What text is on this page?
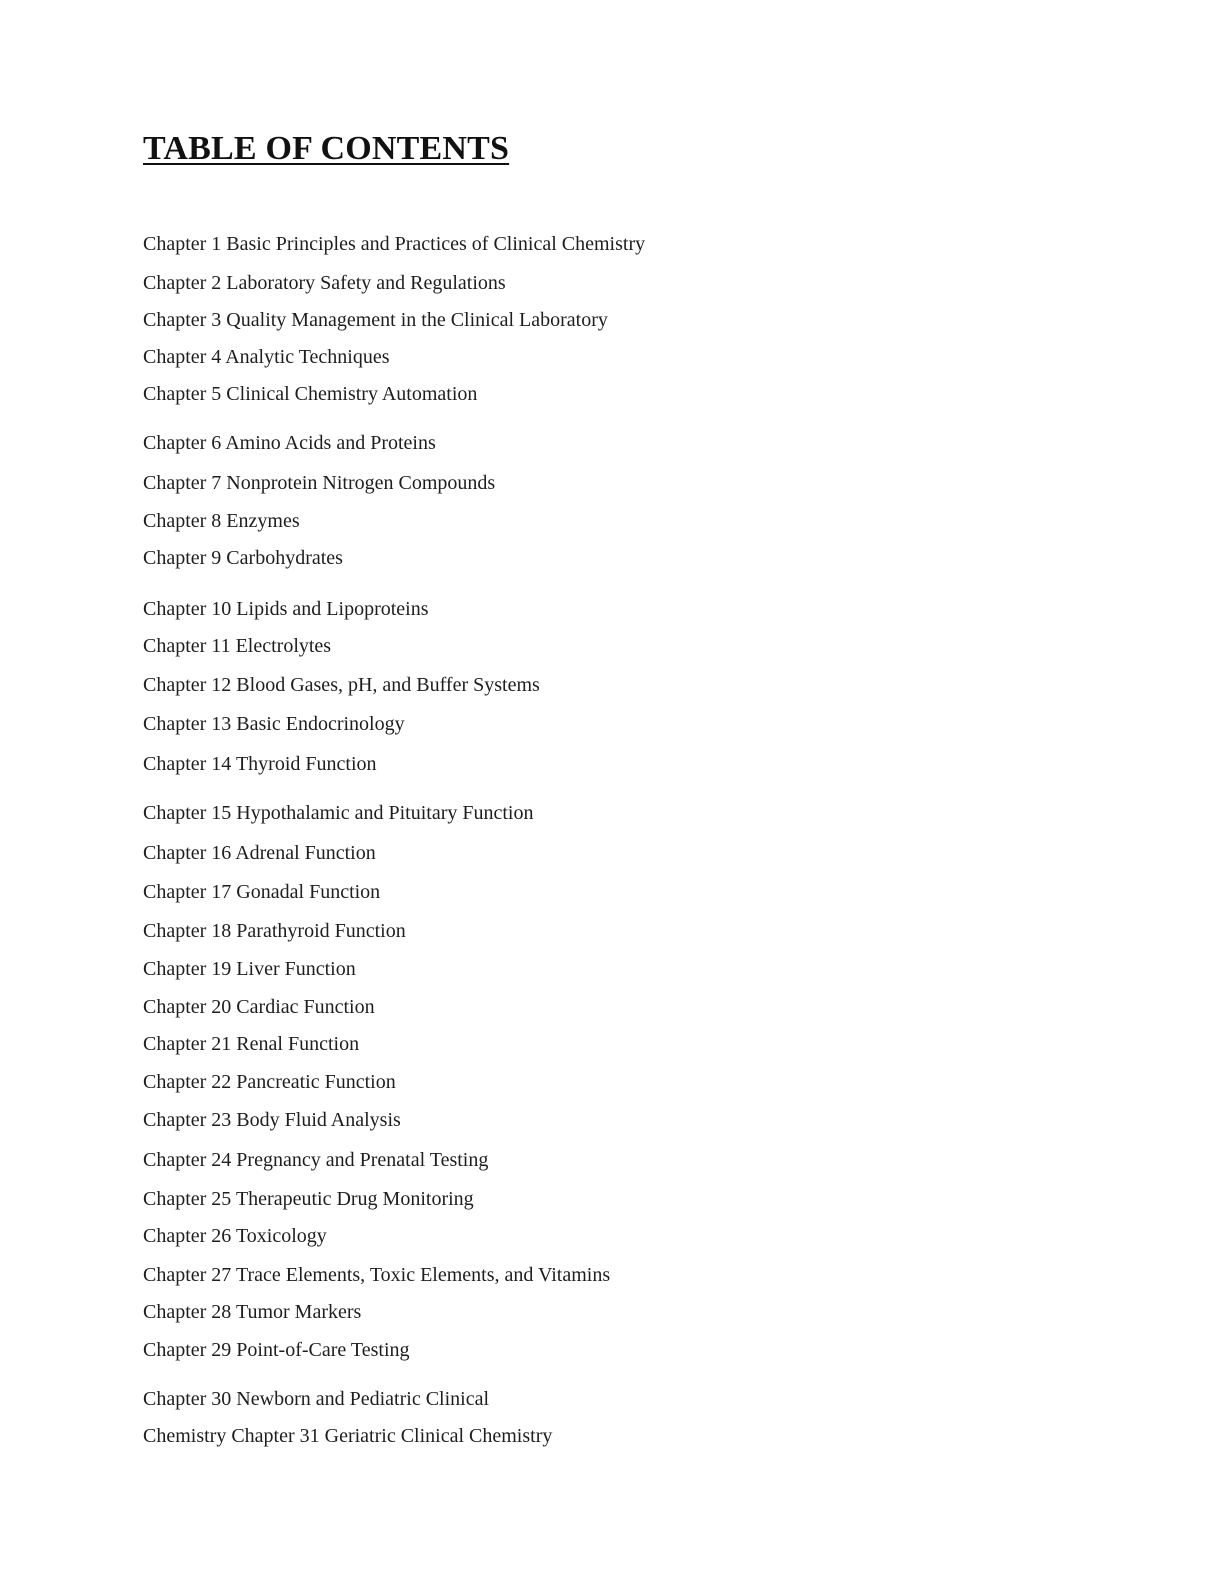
TABLE OF CONTENTS

Chapter 1 Basic Principles and Practices of Clinical Chemistry

Chapter 2 Laboratory Safety and Regulations

Chapter 3 Quality Management in the Clinical Laboratory

Chapter 4 Analytic Techniques

Chapter 5 Clinical Chemistry Automation

Chapter 6 Amino Acids and Proteins

Chapter 7 Nonprotein Nitrogen Compounds

Chapter 8 Enzymes

Chapter 9 Carbohydrates

Chapter 10 Lipids and Lipoproteins

Chapter 11 Electrolytes

Chapter 12 Blood Gases, pH, and Buffer Systems

Chapter 13 Basic Endocrinology

Chapter 14 Thyroid Function

Chapter 15 Hypothalamic and Pituitary Function

Chapter 16 Adrenal Function

Chapter 17 Gonadal Function

Chapter 18 Parathyroid Function

Chapter 19 Liver Function

Chapter 20 Cardiac Function

Chapter 21 Renal Function

Chapter 22 Pancreatic Function

Chapter 23 Body Fluid Analysis

Chapter 24 Pregnancy and Prenatal Testing

Chapter 25 Therapeutic Drug Monitoring

Chapter 26 Toxicology

Chapter 27 Trace Elements, Toxic Elements, and Vitamins

Chapter 28 Tumor Markers

Chapter 29 Point-of-Care Testing

Chapter 30 Newborn and Pediatric Clinical

Chemistry Chapter 31 Geriatric Clinical Chemistry
